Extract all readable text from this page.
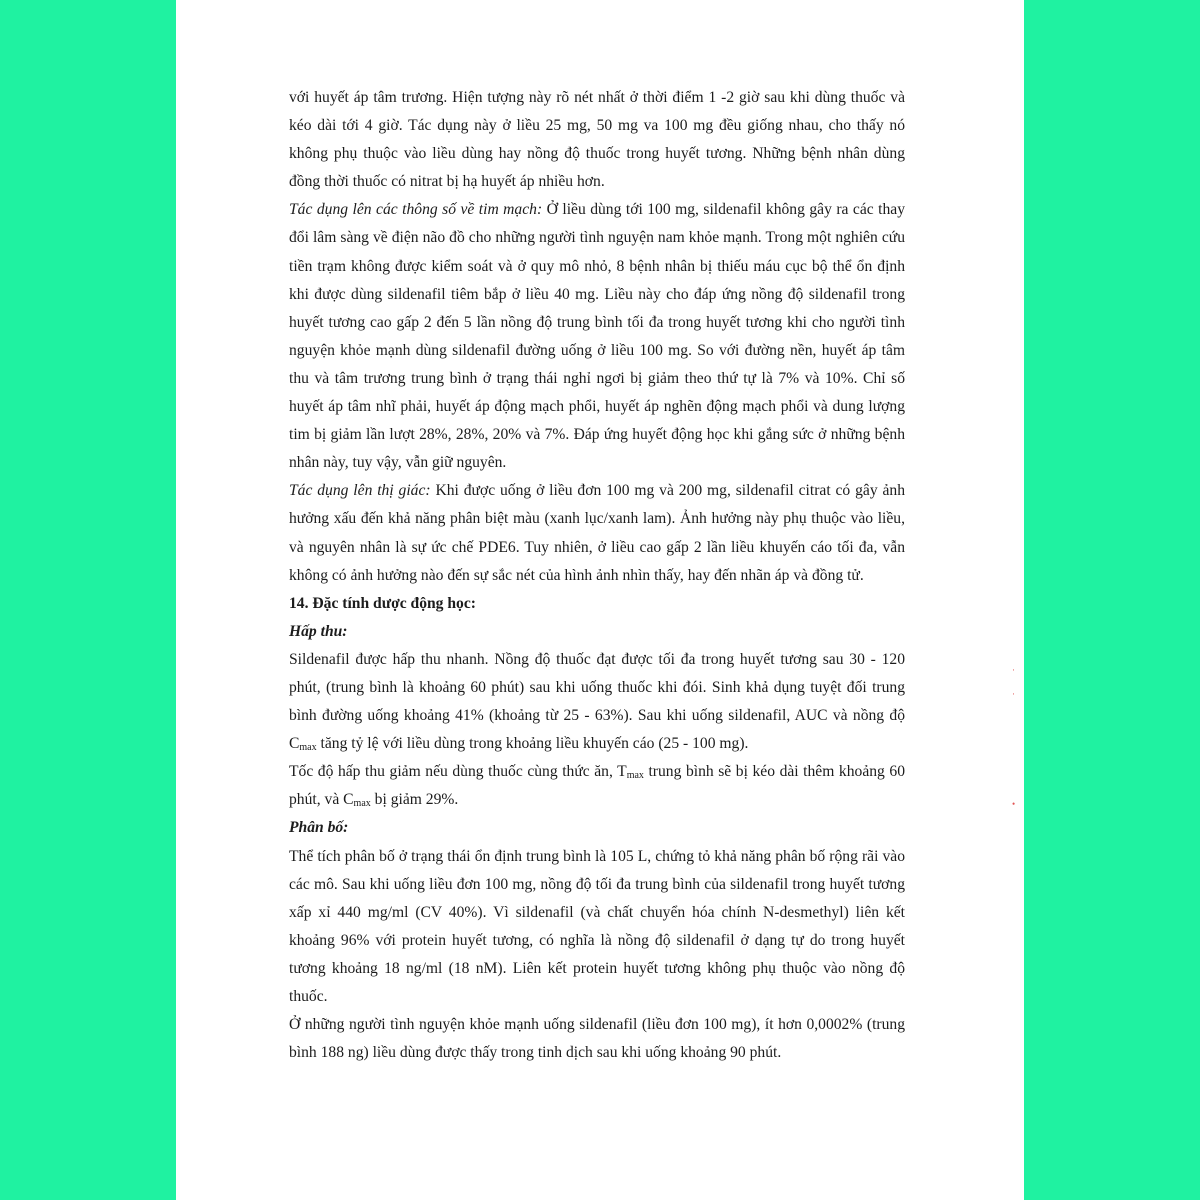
với huyết áp tâm trương. Hiện tượng này rõ nét nhất ở thời điểm 1 -2 giờ sau khi dùng thuốc và kéo dài tới 4 giờ. Tác dụng này ở liều 25 mg, 50 mg va 100 mg đều giống nhau, cho thấy nó không phụ thuộc vào liều dùng hay nồng độ thuốc trong huyết tương. Những bệnh nhân dùng đồng thời thuốc có nitrat bị hạ huyết áp nhiều hơn.

Tác dụng lên các thông số về tim mạch: Ở liều dùng tới 100 mg, sildenafil không gây ra các thay đổi lâm sàng về điện não đồ cho những người tình nguyện nam khỏe mạnh. Trong một nghiên cứu tiền trạm không được kiểm soát và ở quy mô nhỏ, 8 bệnh nhân bị thiếu máu cục bộ thể ổn định khi được dùng sildenafil tiêm bắp ở liều 40 mg. Liều này cho đáp ứng nồng độ sildenafil trong huyết tương cao gấp 2 đến 5 lần nồng độ trung bình tối đa trong huyết tương khi cho người tình nguyện khỏe mạnh dùng sildenafil đường uống ở liều 100 mg. So với đường nền, huyết áp tâm thu và tâm trương trung bình ở trạng thái nghỉ ngơi bị giảm theo thứ tự là 7% và 10%. Chỉ số huyết áp tâm nhĩ phải, huyết áp động mạch phổi, huyết áp nghẽn động mạch phổi và dung lượng tim bị giảm lần lượt 28%, 28%, 20% và 7%. Đáp ứng huyết động học khi gắng sức ở những bệnh nhân này, tuy vậy, vẫn giữ nguyên.

Tác dụng lên thị giác: Khi được uống ở liều đơn 100 mg và 200 mg, sildenafil citrat có gây ảnh hưởng xấu đến khả năng phân biệt màu (xanh lục/xanh lam). Ảnh hưởng này phụ thuộc vào liều, và nguyên nhân là sự ức chế PDE6. Tuy nhiên, ở liều cao gấp 2 lần liều khuyến cáo tối đa, vẫn không có ảnh hưởng nào đến sự sắc nét của hình ảnh nhìn thấy, hay đến nhãn áp và đồng tử.

14. Đặc tính dược động học:

Hấp thu:

Sildenafil được hấp thu nhanh. Nồng độ thuốc đạt được tối đa trong huyết tương sau 30 - 120 phút, (trung bình là khoảng 60 phút) sau khi uống thuốc khi đói. Sinh khả dụng tuyệt đối trung bình đường uống khoảng 41% (khoảng từ 25 - 63%). Sau khi uống sildenafil, AUC và nồng độ $C_{max}$ tăng tỷ lệ với liều dùng trong khoảng liều khuyến cáo (25 - 100 mg).

Tốc độ hấp thu giảm nếu dùng thuốc cùng thức ăn, $T_{max}$ trung bình sẽ bị kéo dài thêm khoảng 60 phút, và $C_{max}$ bị giảm 29%.

Phân bố:

Thể tích phân bố ở trạng thái ổn định trung bình là 105 L, chứng tỏ khả năng phân bố rộng rãi vào các mô. Sau khi uống liều đơn 100 mg, nồng độ tối đa trung bình của sildenafil trong huyết tương xấp xỉ 440 mg/ml (CV 40%). Vì sildenafil (và chất chuyển hóa chính N-desmethyl) liên kết khoảng 96% với protein huyết tương, có nghĩa là nồng độ sildenafil ở dạng tự do trong huyết tương khoảng 18 ng/ml (18 nM). Liên kết protein huyết tương không phụ thuộc vào nồng độ thuốc.

Ở những người tình nguyện khỏe mạnh uống sildenafil (liều đơn 100 mg), ít hơn 0,0002% (trung bình 188 ng) liều dùng được thấy trong tinh dịch sau khi uống khoảng 90 phút.

·
·
•
